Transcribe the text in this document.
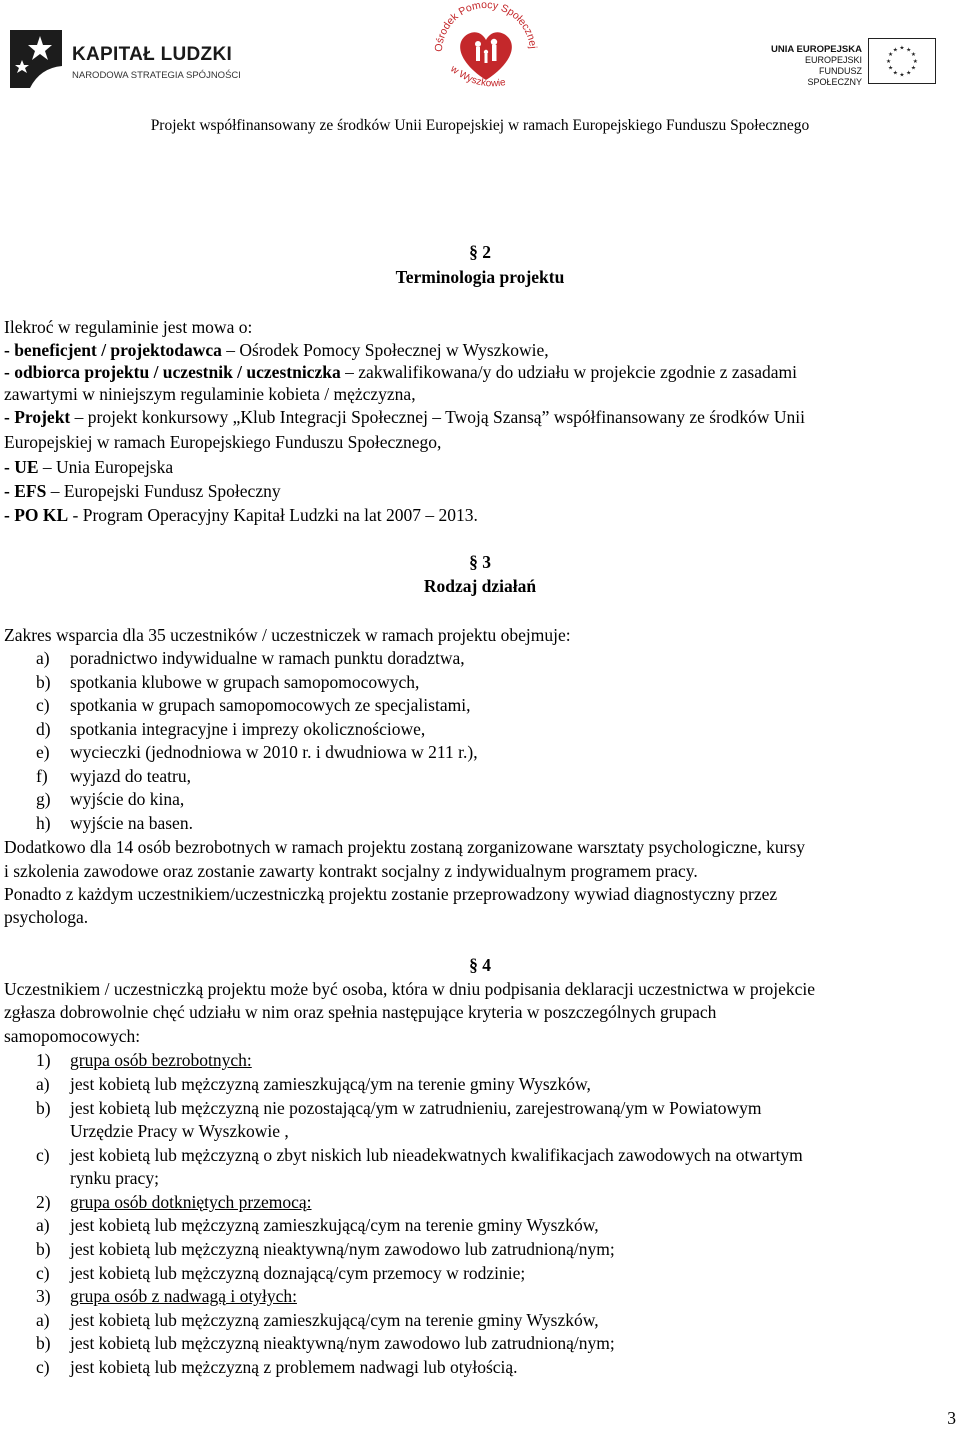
KAPITAŁ LUDZKI
NARODOWA STRATEGIA SPÓJNOŚCI
Ośrodek Pomocy Społecznej
w Wyszkowie
UNIA EUROPEJSKA
EUROPEJSKI
FUNDUSZ SPOŁECZNY
★ ★
★
★
★
★
★
★
★
★
★
★
Projekt współfinansowany ze środków Unii Europejskiej w ramach Europejskiego Funduszu Społecznego
§ 2
Terminologia projektu
Ilekroć w regulaminie jest mowa o:
- beneficjent / projektodawca – Ośrodek Pomocy Społecznej w Wyszkowie,
- odbiorca projektu / uczestnik / uczestniczka – zakwalifikowana/y do udziału w projekcie zgodnie z zasadami
zawartymi w niniejszym regulaminie kobieta / mężczyzna,
- Projekt – projekt konkursowy „Klub Integracji Społecznej – Twoją Szansą” współfinansowany ze środków Unii
Europejskiej w ramach Europejskiego Funduszu Społecznego,
- UE – Unia Europejska
- EFS – Europejski Fundusz Społeczny
- PO KL - Program Operacyjny Kapitał Ludzki na lat 2007 – 2013.
§ 3
Rodzaj działań
Zakres wsparcia dla 35 uczestników / uczestniczek w ramach projektu obejmuje:
a) poradnictwo indywidualne w ramach punktu doradztwa,
b) spotkania klubowe w grupach samopomocowych,
c) spotkania w grupach samopomocowych ze specjalistami,
d) spotkania integracyjne i imprezy okolicznościowe,
e) wycieczki (jednodniowa w 2010 r. i dwudniowa w 211 r.),
f) wyjazd do teatru,
g) wyjście do kina,
h) wyjście na basen.
Dodatkowo dla 14 osób bezrobotnych w ramach projektu zostaną zorganizowane warsztaty psychologiczne, kursy
i szkolenia zawodowe oraz zostanie zawarty kontrakt socjalny z indywidualnym programem pracy.
Ponadto z każdym uczestnikiem/uczestniczką projektu zostanie przeprowadzony wywiad diagnostyczny przez
psychologa.
§ 4
Uczestnikiem / uczestniczką projektu może być osoba, która w dniu podpisania deklaracji uczestnictwa w projekcie
zgłasza dobrowolnie chęć udziału w nim oraz spełnia następujące kryteria w poszczególnych grupach
samopomocowych:
1) grupa osób bezrobotnych:
a) jest kobietą lub mężczyzną zamieszkującą/ym na terenie gminy Wyszków,
b) jest kobietą lub mężczyzną nie pozostającą/ym w zatrudnieniu, zarejestrowaną/ym w Powiatowym
Urzędzie Pracy w Wyszkowie ,
c) jest kobietą lub mężczyzną o zbyt niskich lub nieadekwatnych kwalifikacjach zawodowych na otwartym
rynku pracy;
2) grupa osób dotkniętych przemocą:
a) jest kobietą lub mężczyzną zamieszkującą/cym na terenie gminy Wyszków,
b) jest kobietą lub mężczyzną nieaktywną/nym zawodowo lub zatrudnioną/nym;
c) jest kobietą lub mężczyzną doznającą/cym przemocy w rodzinie;
3) grupa osób z nadwagą i otyłych:
a) jest kobietą lub mężczyzną zamieszkującą/cym na terenie gminy Wyszków,
b) jest kobietą lub mężczyzną nieaktywną/nym zawodowo lub zatrudnioną/nym;
c) jest kobietą lub mężczyzną z problemem nadwagi lub otyłością.
3
